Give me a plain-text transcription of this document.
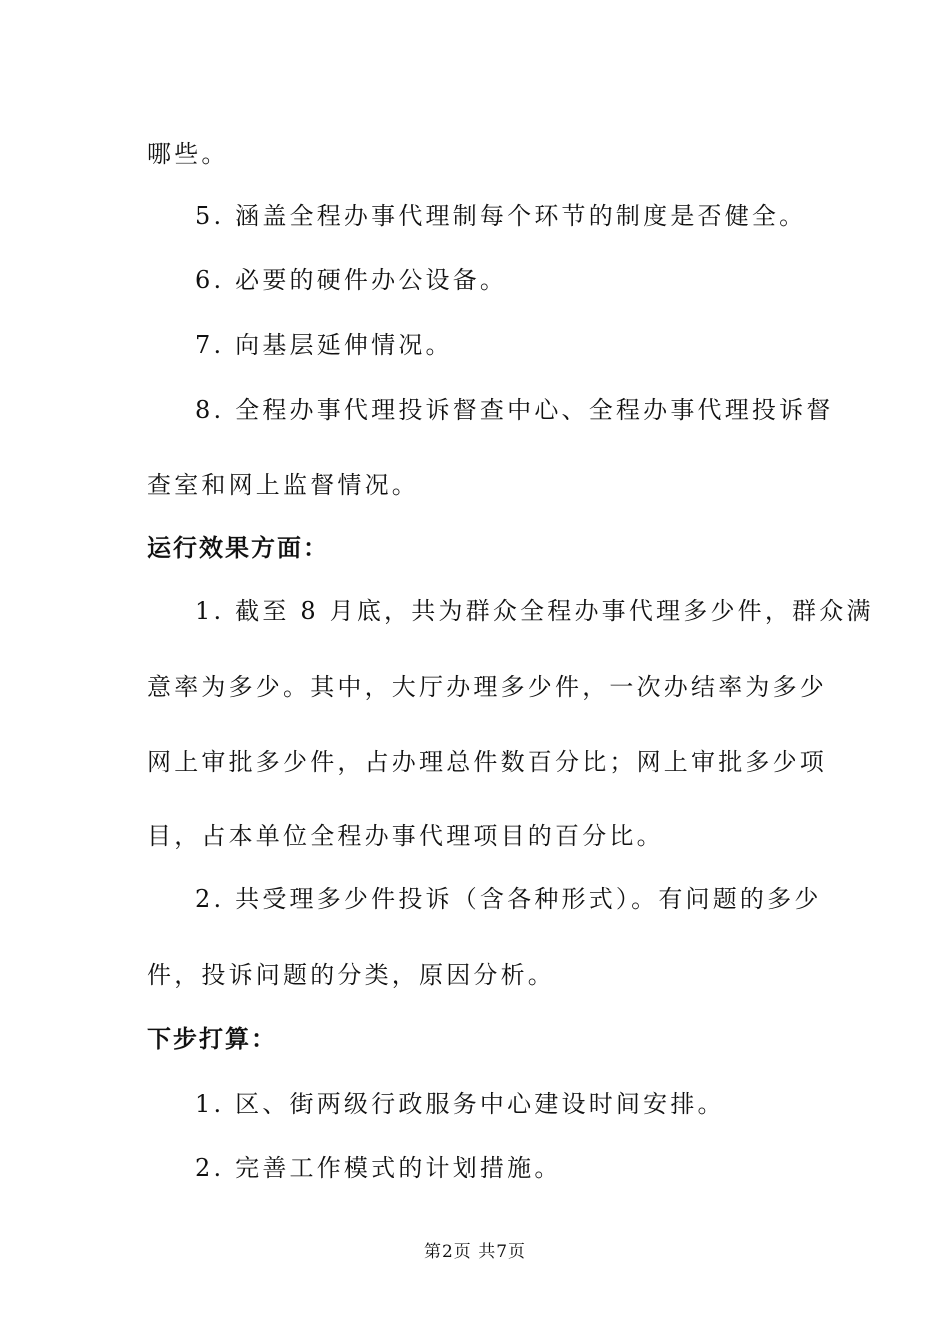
哪些。
5. 涵盖全程办事代理制每个环节的制度是否健全。
6. 必要的硬件办公设备。
7. 向基层延伸情况。
8. 全程办事代理投诉督查中心、全程办事代理投诉督
查室和网上监督情况。
运行效果方面：
1. 截至 8 月底，共为群众全程办事代理多少件，群众满
意率为多少。其中，大厅办理多少件，一次办结率为多少
网上审批多少件，占办理总件数百分比；网上审批多少项
目，占本单位全程办事代理项目的百分比。
2. 共受理多少件投诉（含各种形式）。有问题的多少
件，投诉问题的分类，原因分析。
下步打算：
1. 区、街两级行政服务中心建设时间安排。
2. 完善工作模式的计划措施。
第2页 共7页
